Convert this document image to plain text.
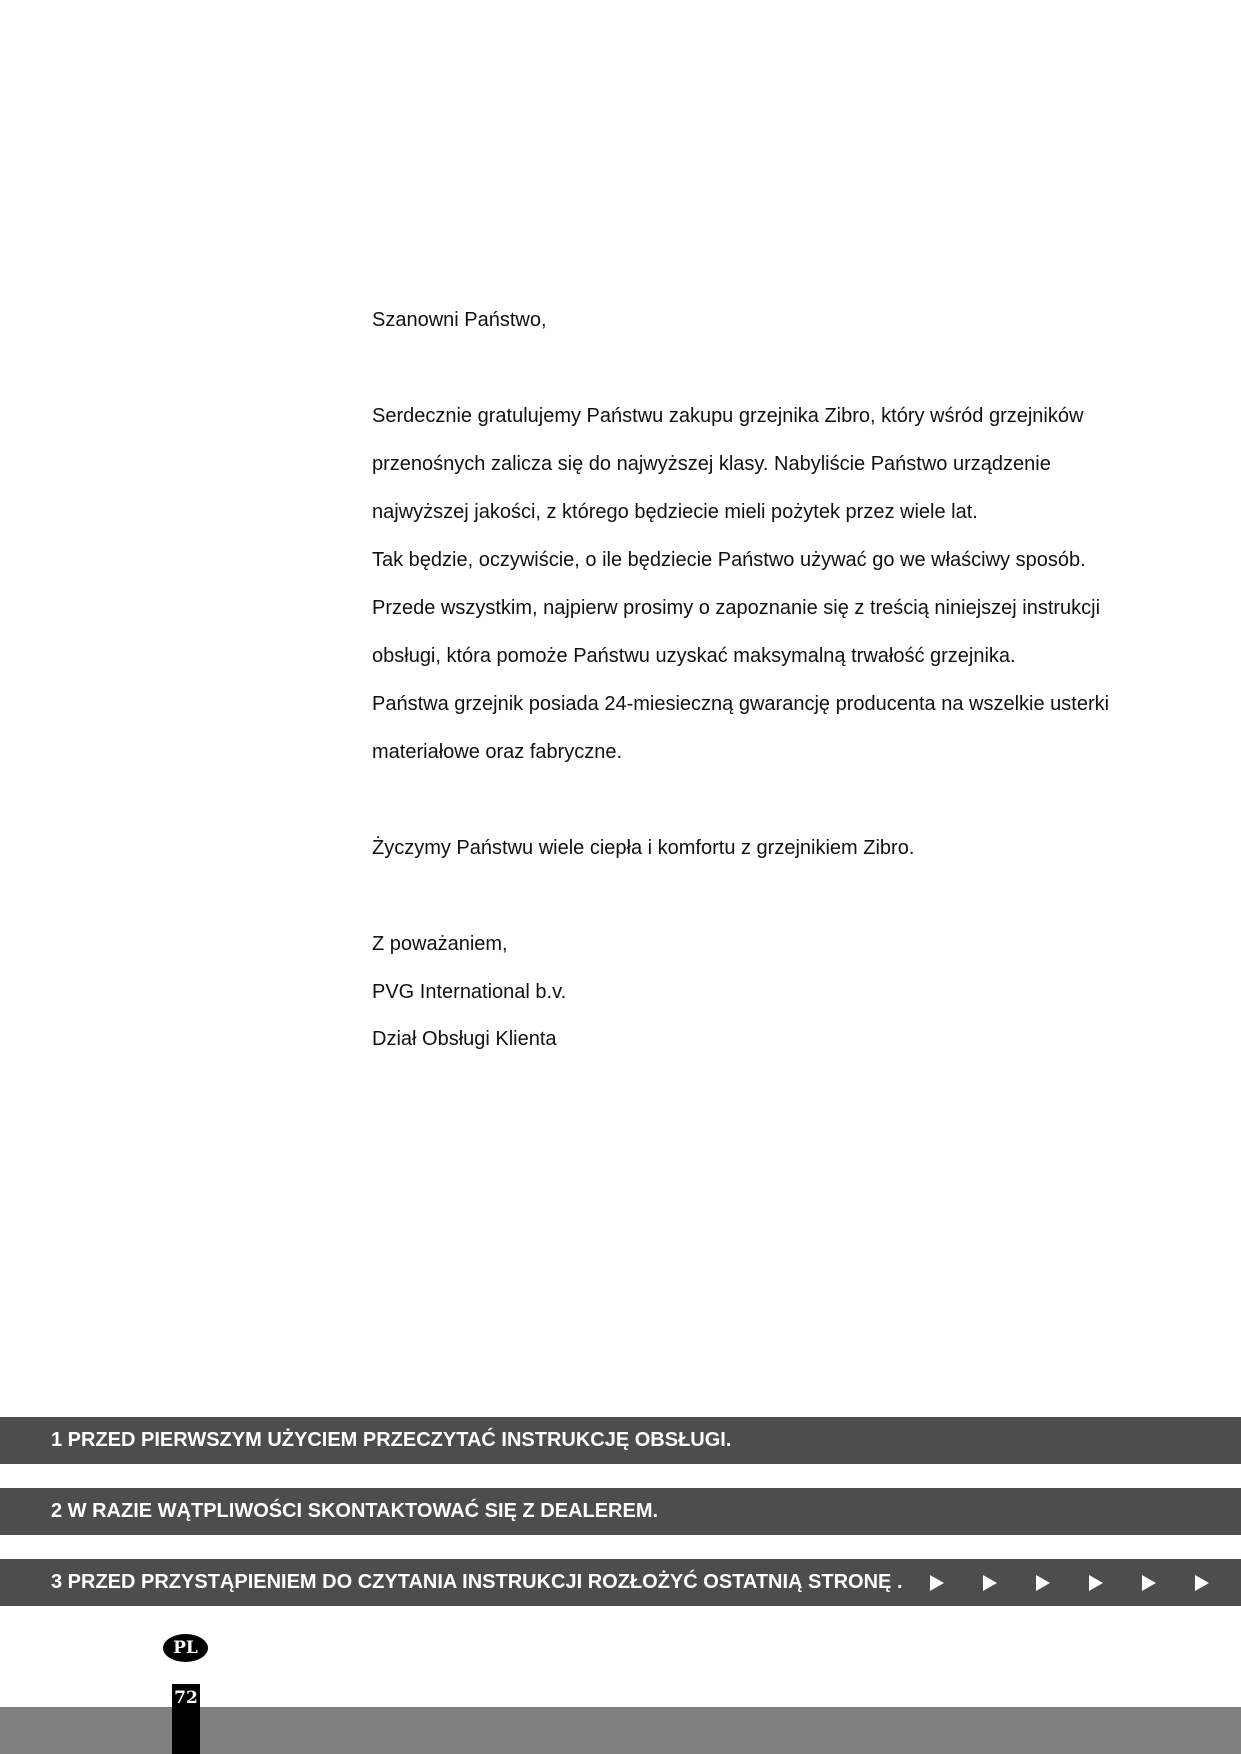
Szanowni Państwo,
Serdecznie gratulujemy Państwu zakupu grzejnika Zibro, który wśród grzejników
przenośnych zalicza się do najwyższej klasy. Nabyliście Państwo urządzenie
najwyższej jakości, z którego będziecie mieli pożytek przez wiele lat.
Tak będzie, oczywiście, o ile będziecie Państwo używać go we właściwy sposób.
Przede wszystkim, najpierw prosimy o zapoznanie się z treścią niniejszej instrukcji
obsługi, która pomoże Państwu uzyskać maksymalną trwałość grzejnika.
Państwa grzejnik posiada 24-miesieczną gwarancję producenta na wszelkie usterki
materiałowe oraz fabryczne.
Życzymy Państwu wiele ciepła i komfortu z grzejnikiem Zibro.
Z poważaniem,
PVG International b.v.
Dział Obsługi Klienta
1 PRZED PIERWSZYM UŻYCIEM PRZECZYTAĆ INSTRUKCJĘ OBSŁUGI.
2 W RAZIE WĄTPLIWOŚCI SKONTAKTOWAĆ SIĘ Z DEALEREM.
3 PRZED PRZYSTĄPIENIEM DO CZYTANIA INSTRUKCJI ROZŁOŻYĆ OSTATNIĄ STRONĘ .
PL
72
